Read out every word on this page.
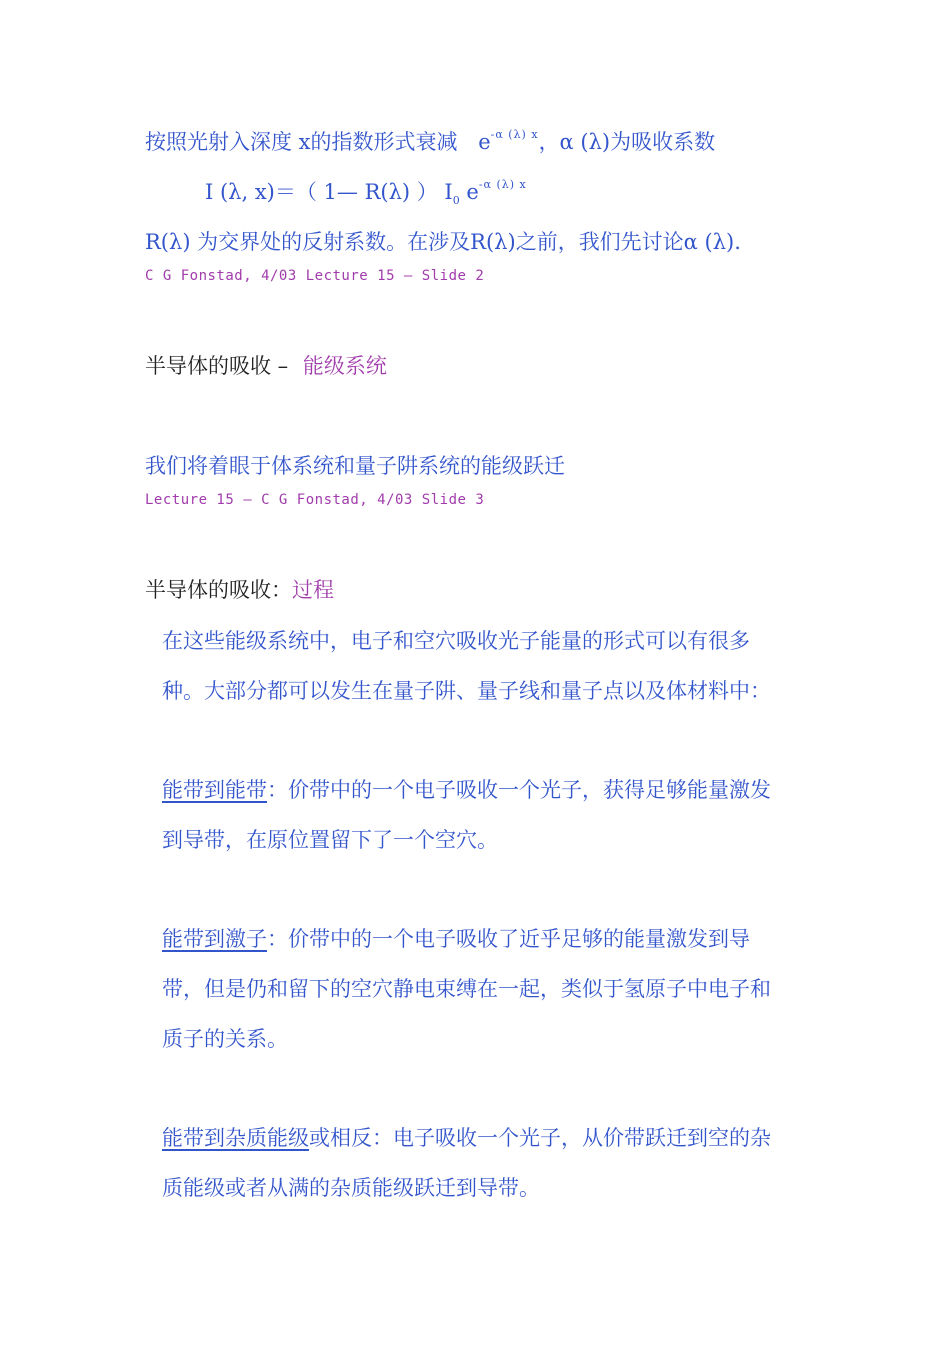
按照光射入深度 x的指数形式衰减 $e^{-\alpha (\lambda) x}$，α (λ)为吸收系数
I (λ, x)＝（ 1— R(λ) ） $I_0$ $e^{-\alpha (\lambda) x}$
R(λ) 为交界处的反射系数。在涉及R(λ)之前，我们先讨论α (λ).
C G Fonstad, 4/03 Lecture 15 — Slide 2
半导体的吸收 – 能级系统
我们将着眼于体系统和量子阱系统的能级跃迁
Lecture 15 — C G Fonstad, 4/03 Slide 3
半导体的吸收：过程
在这些能级系统中，电子和空穴吸收光子能量的形式可以有很多
种。大部分都可以发生在量子阱、量子线和量子点以及体材料中：
能带到能带：价带中的一个电子吸收一个光子，获得足够能量激发
到导带，在原位置留下了一个空穴。
能带到激子：价带中的一个电子吸收了近乎足够的能量激发到导
带，但是仍和留下的空穴静电束缚在一起，类似于氢原子中电子和
质子的关系。
能带到杂质能级或相反：电子吸收一个光子，从价带跃迁到空的杂
质能级或者从满的杂质能级跃迁到导带。
